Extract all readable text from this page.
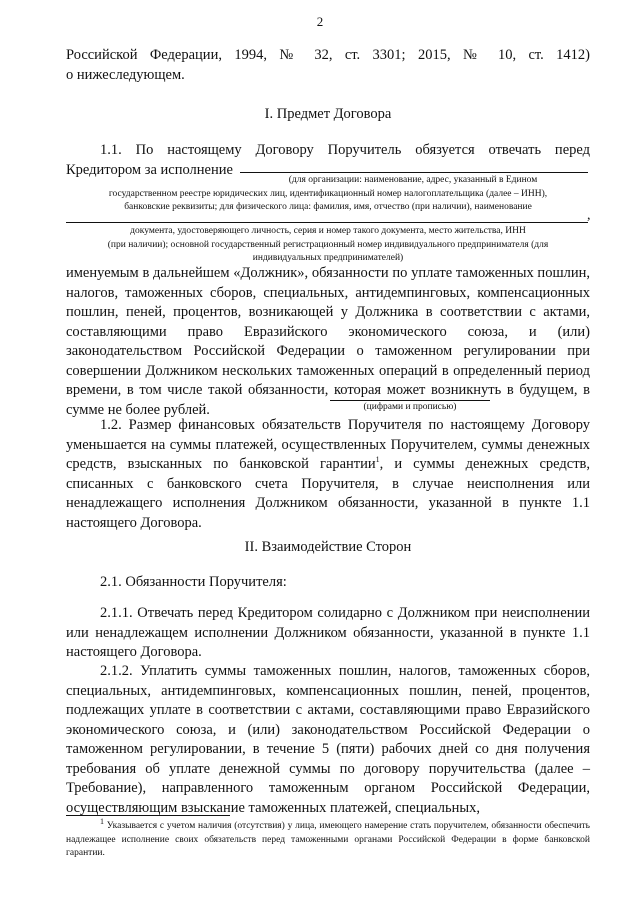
2
Российской Федерации, 1994, № 32, ст. 3301; 2015, № 10, ст. 1412)
о нижеследующем.
I. Предмет Договора
1.1. По настоящему Договору Поручитель обязуется отвечать перед
Кредитором за исполнение
(для организации: наименование, адрес, указанный в Едином
государственном реестре юридических лиц, идентификационный номер налогоплательщика (далее – ИНН),
банковские реквизиты; для физического лица: фамилия, имя, отчество (при наличии), наименование
,
документа, удостоверяющего личность, серия и номер такого документа, место жительства, ИНН
(при наличии); основной государственный регистрационный номер индивидуального предпринимателя (для
индивидуальных предпринимателей)
именуемым в дальнейшем «Должник», обязанности по уплате таможенных пошлин, налогов, таможенных сборов, специальных, антидемпинговых, компенсационных пошлин, пеней, процентов, возникающей у Должника в соответствии с актами, составляющими право Евразийского экономического союза, и (или) законодательством Российской Федерации о таможенном регулировании при совершении Должником нескольких таможенных операций в определенный период времени, в том числе такой обязанности, которая может возникнуть в будущем, в сумме не более рублей.	(цифрами и прописью)
1.2. Размер финансовых обязательств Поручителя по настоящему Договору уменьшается на суммы платежей, осуществленных Поручителем, суммы денежных средств, взысканных по банковской гарантии$^1$, и суммы денежных средств, списанных с банковского счета Поручителя, в случае неисполнения или ненадлежащего исполнения Должником обязанности, указанной в пункте 1.1 настоящего Договора.
II. Взаимодействие Сторон
2.1. Обязанности Поручителя:
2.1.1. Отвечать перед Кредитором солидарно с Должником при неисполнении или ненадлежащем исполнении Должником обязанности, указанной в пункте 1.1 настоящего Договора.
2.1.2. Уплатить суммы таможенных пошлин, налогов, таможенных сборов, специальных, антидемпинговых, компенсационных пошлин, пеней, процентов, подлежащих уплате в соответствии с актами, составляющими право Евразийского экономического союза, и (или) законодательством Российской Федерации о таможенном регулировании, в течение 5 (пяти) рабочих дней со дня получения требования об уплате денежной суммы по договору поручительства (далее – Требование), направленного таможенным органом Российской Федерации, осуществляющим взыскание таможенных платежей, специальных,
$^1$ Указывается с учетом наличия (отсутствия) у лица, имеющего намерение стать поручителем, обязанности обеспечить надлежащее исполнение своих обязательств перед таможенными органами Российской Федерации в форме банковской гарантии.
